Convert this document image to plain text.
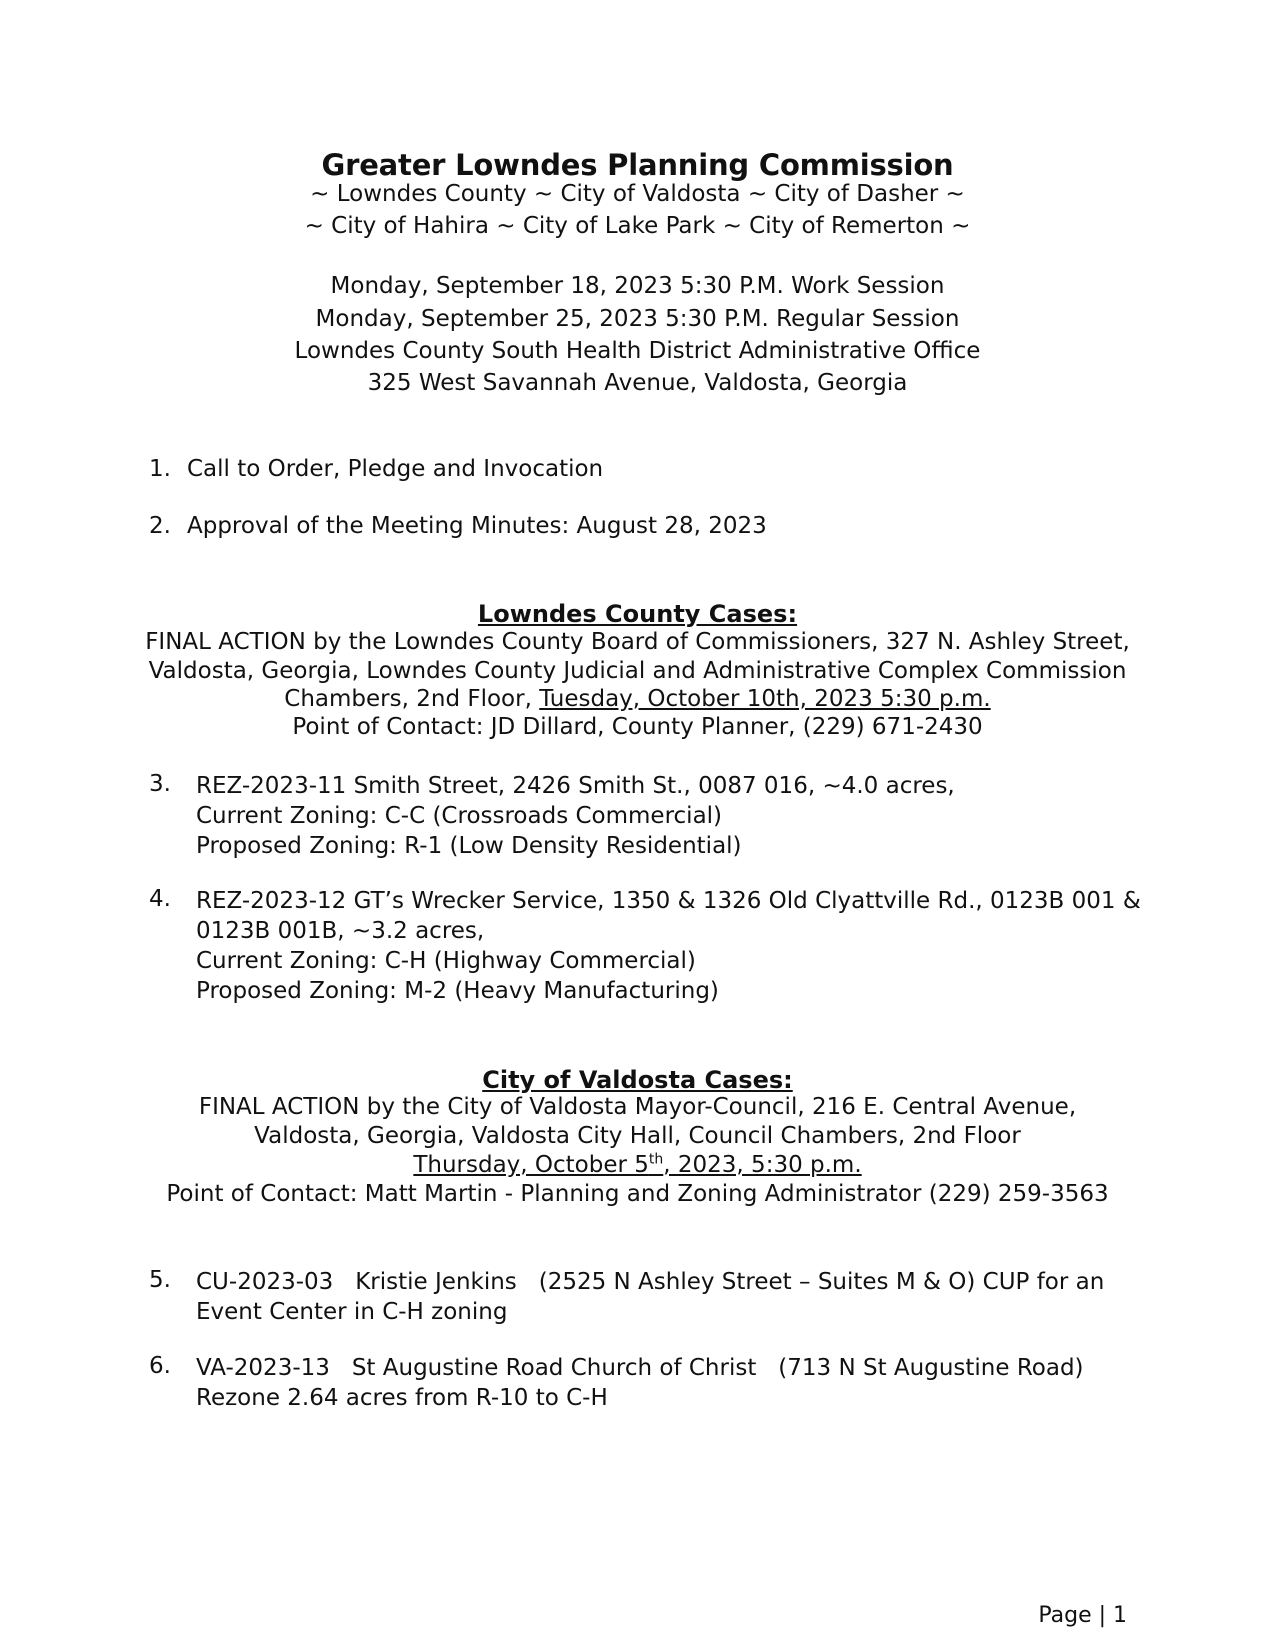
Greater Lowndes Planning Commission
~ Lowndes County ~ City of Valdosta ~ City of Dasher ~
~ City of Hahira ~ City of Lake Park ~ City of Remerton ~
Monday, September 18, 2023 5:30 P.M. Work Session
Monday, September 25, 2023 5:30 P.M. Regular Session
Lowndes County South Health District Administrative Office
325 West Savannah Avenue, Valdosta, Georgia
1. Call to Order, Pledge and Invocation
2. Approval of the Meeting Minutes: August 28, 2023
Lowndes County Cases:
FINAL ACTION by the Lowndes County Board of Commissioners, 327 N. Ashley Street,
Valdosta, Georgia, Lowndes County Judicial and Administrative Complex Commission
Chambers, 2nd Floor, Tuesday, October 10th, 2023 5:30 p.m.
Point of Contact: JD Dillard, County Planner, (229) 671-2430
3. REZ-2023-11 Smith Street, 2426 Smith St., 0087 016, ~4.0 acres,
Current Zoning: C-C (Crossroads Commercial)
Proposed Zoning: R-1 (Low Density Residential)
4. REZ-2023-12 GT’s Wrecker Service, 1350 & 1326 Old Clyattville Rd., 0123B 001 &
0123B 001B, ~3.2 acres,
Current Zoning: C-H (Highway Commercial)
Proposed Zoning: M-2 (Heavy Manufacturing)
City of Valdosta Cases:
FINAL ACTION by the City of Valdosta Mayor-Council, 216 E. Central Avenue,
Valdosta, Georgia, Valdosta City Hall, Council Chambers, 2nd Floor
Thursday, October 5th, 2023, 5:30 p.m.
Point of Contact: Matt Martin - Planning and Zoning Administrator (229) 259-3563
5. CU-2023-03   Kristie Jenkins   (2525 N Ashley Street – Suites M & O) CUP for an
Event Center in C-H zoning
6. VA-2023-13   St Augustine Road Church of Christ   (713 N St Augustine Road)
Rezone 2.64 acres from R-10 to C-H
Page | 1
